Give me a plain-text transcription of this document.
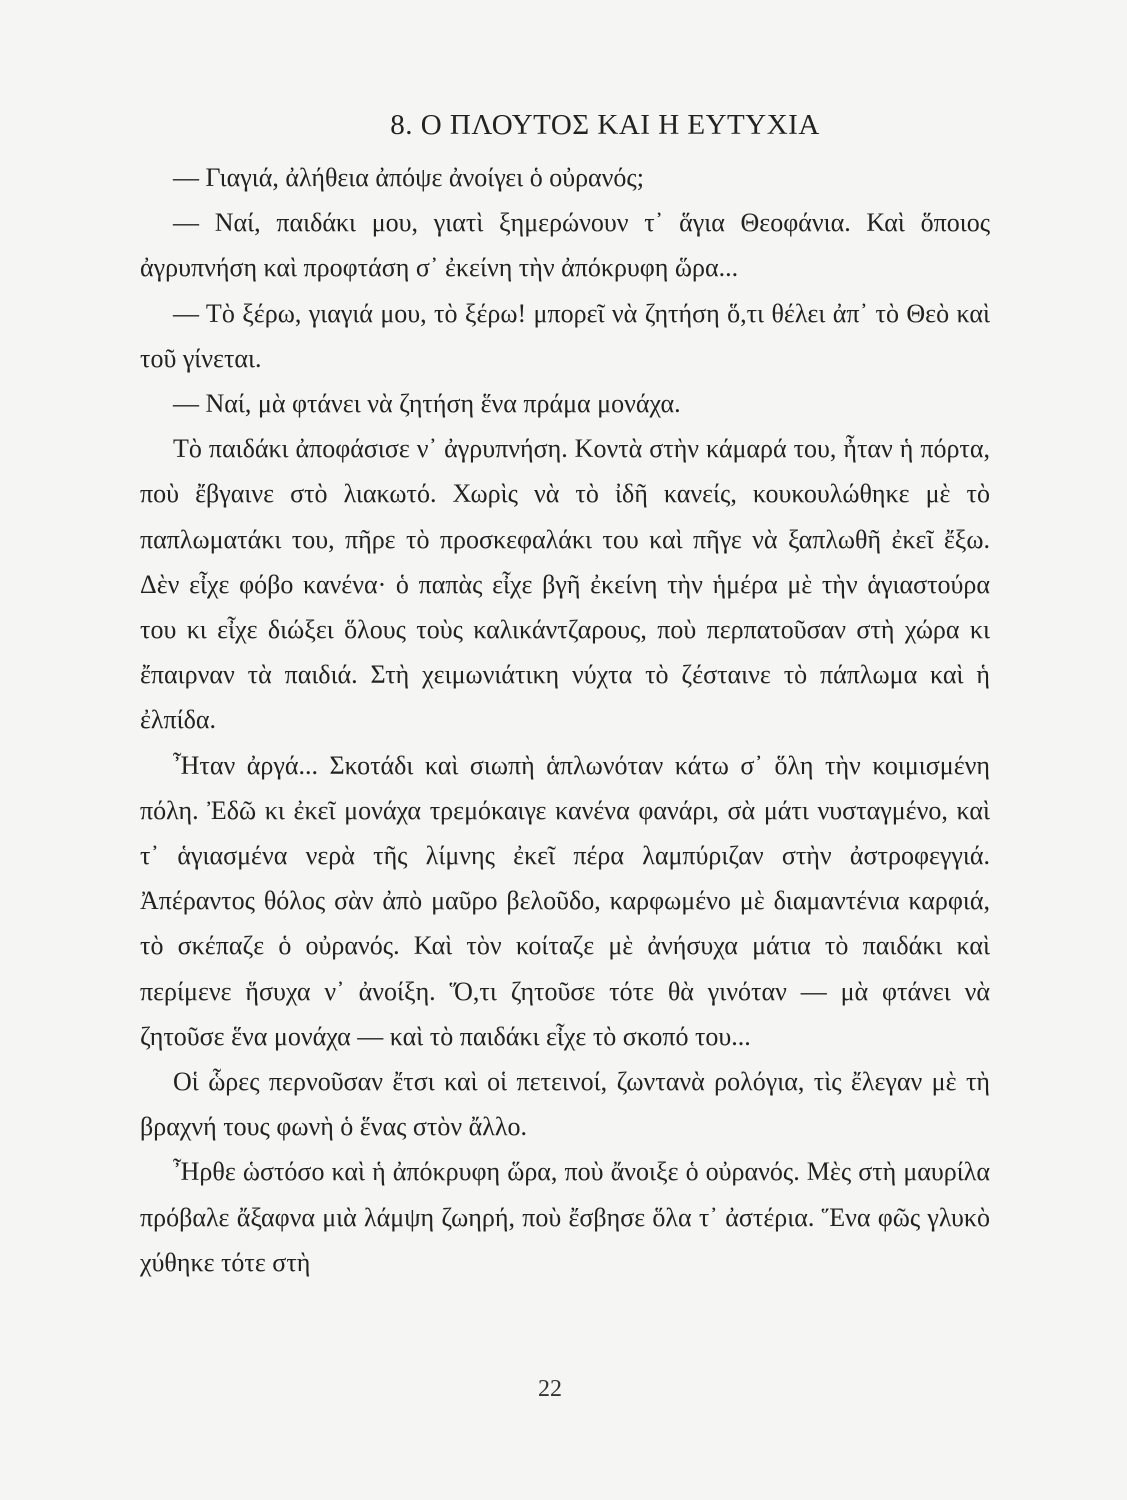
8. Ο ΠΛΟΥΤΟΣ ΚΑΙ Η ΕΥΤΥΧΙΑ

— Γιαγιά, ἀλήθεια ἀπόψε ἀνοίγει ὁ οὐρανός;

— Ναί, παιδάκι μου, γιατὶ ξημερώνουν τ᾽ ἅγια Θεοφάνια. Καὶ ὅποιος ἀγρυπνήση καὶ προφτάση σ᾽ ἐκείνη τὴν ἀπόκρυφη ὥρα...

— Τὸ ξέρω, γιαγιά μου, τὸ ξέρω! μπορεῖ νὰ ζητήση ὅ,τι θέλει ἀπ᾽ τὸ Θεὸ καὶ τοῦ γίνεται.

— Ναί, μὰ φτάνει νὰ ζητήση ἕνα πράμα μονάχα.

Τὸ παιδάκι ἀποφάσισε ν᾽ ἀγρυπνήση. Κοντὰ στὴν κάμαρά του, ἦταν ἡ πόρτα, ποὺ ἔβγαινε στὸ λιακωτό. Χωρὶς νὰ τὸ ἰδῆ κανείς, κουκουλώθηκε μὲ τὸ παπλωματάκι του, πῆρε τὸ προσκεφαλάκι του καὶ πῆγε νὰ ξαπλωθῆ ἐκεῖ ἔξω. Δὲν εἶχε φόβο κανένα· ὁ παπὰς εἶχε βγῆ ἐκείνη τὴν ἡμέρα μὲ τὴν ἁγιαστούρα του κι εἶχε διώξει ὅλους τοὺς καλικάντζαρους, ποὺ περπατοῦσαν στὴ χώρα κι ἔπαιρναν τὰ παιδιά. Στὴ χειμωνιάτικη νύχτα τὸ ζέσταινε τὸ πάπλωμα καὶ ἡ ἐλπίδα.

Ἦταν ἀργά... Σκοτάδι καὶ σιωπὴ ἁπλωνόταν κάτω σ᾽ ὅλη τὴν κοιμισμένη πόλη. Ἐδῶ κι ἐκεῖ μονάχα τρεμόκαιγε κανένα φανάρι, σὰ μάτι νυσταγμένο, καὶ τ᾽ ἁγιασμένα νερὰ τῆς λίμνης ἐκεῖ πέρα λαμπύριζαν στὴν ἀστροφεγγιά. Ἀπέραντος θόλος σὰν ἀπὸ μαῦρο βελοῦδο, καρφωμένο μὲ διαμαντένια καρφιά, τὸ σκέπαζε ὁ οὐρανός. Καὶ τὸν κοίταζε μὲ ἀνήσυχα μάτια τὸ παιδάκι καὶ περίμενε ἥσυχα ν᾽ ἀνοίξη. Ὅ,τι ζητοῦσε τότε θὰ γινόταν — μὰ φτάνει νὰ ζητοῦσε ἕνα μονάχα — καὶ τὸ παιδάκι εἶχε τὸ σκοπό του...

Οἱ ὧρες περνοῦσαν ἔτσι καὶ οἱ πετεινοί, ζωντανὰ ρολόγια, τὶς ἔλεγαν μὲ τὴ βραχνή τους φωνὴ ὁ ἕνας στὸν ἄλλο.

Ἦρθε ὡστόσο καὶ ἡ ἀπόκρυφη ὥρα, ποὺ ἄνοιξε ὁ οὐρανός. Μὲς στὴ μαυρίλα πρόβαλε ἄξαφνα μιὰ λάμψη ζωηρή, ποὺ ἔσβησε ὅλα τ᾽ ἀστέρια. Ἕνα φῶς γλυκὸ χύθηκε τότε στὴ

22
